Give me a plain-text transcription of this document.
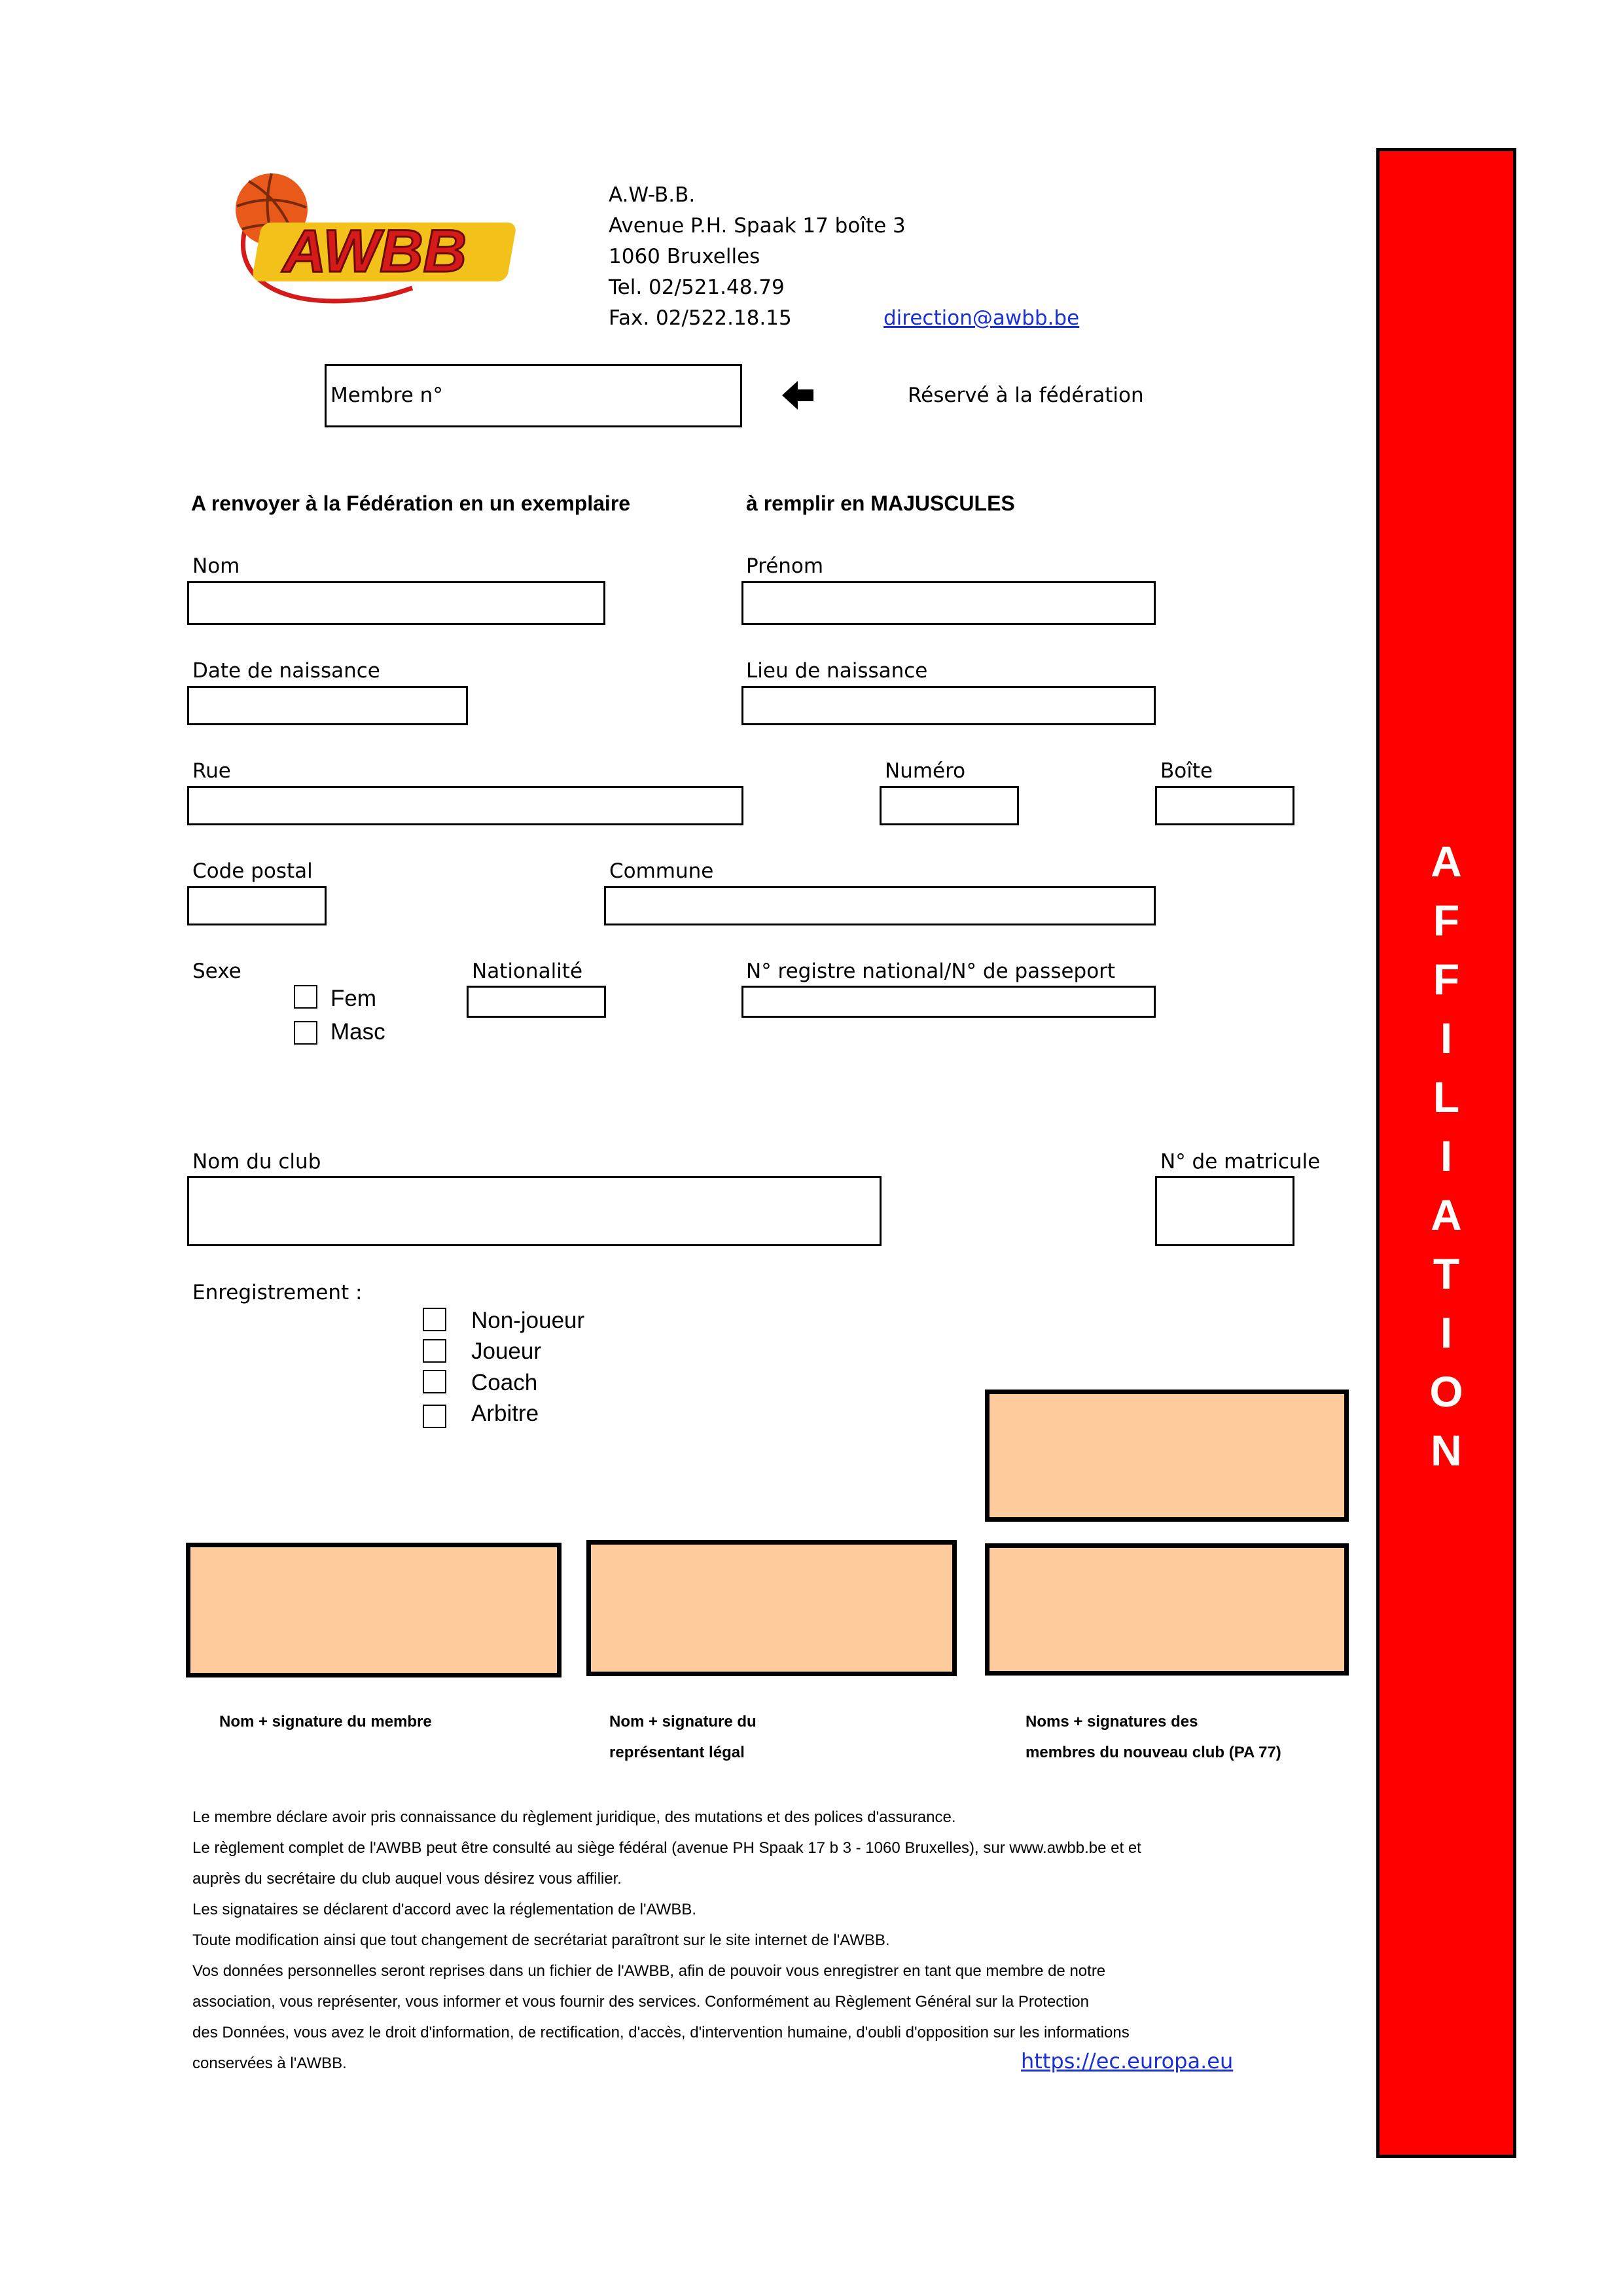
AWBB
A.W-B.B.
Avenue P.H. Spaak 17 boîte 3
1060 Bruxelles
Tel. 02/521.48.79
Fax. 02/522.18.15	direction@awbb.be
Membre n°	Réservé à la fédération
A renvoyer à la Fédération en un exemplaire	à remplir en MAJUSCULES
Nom	Prénom
Date de naissance	Lieu de naissance
Rue	Numéro	Boîte
Code postal	Commune
Sexe
Fem
Masc
Nationalité	N° registre national/N° de passeport
Nom du club	N° de matricule
Enregistrement :
Non-joueur
Joueur
Coach
Arbitre
Nom + signature du membre	Nom + signature du
représentant légal
Noms + signatures des
membres du nouveau club (PA 77)
Le membre déclare avoir pris connaissance du règlement juridique, des mutations et des polices d'assurance.
Le règlement complet de l'AWBB peut être consulté au siège fédéral (avenue PH Spaak 17 b 3 - 1060 Bruxelles), sur www.awbb.be et et
auprès du secrétaire du club auquel vous désirez vous affilier.
Les signataires se déclarent d'accord avec la réglementation de l'AWBB.
Toute modification ainsi que tout changement de secrétariat paraîtront sur le site internet de l'AWBB.
Vos données personnelles seront reprises dans un fichier de l'AWBB, afin de pouvoir vous enregistrer en tant que membre de notre
association, vous représenter, vous informer et vous fournir des services. Conformément au Règlement Général sur la Protection
des Données, vous avez le droit d'information, de rectification, d'accès, d'intervention humaine, d'oubli d'opposition sur les informations
conservées à l'AWBB.	https://ec.europa.eu
A
F
F
I
L
I
A
T
I
O
N
